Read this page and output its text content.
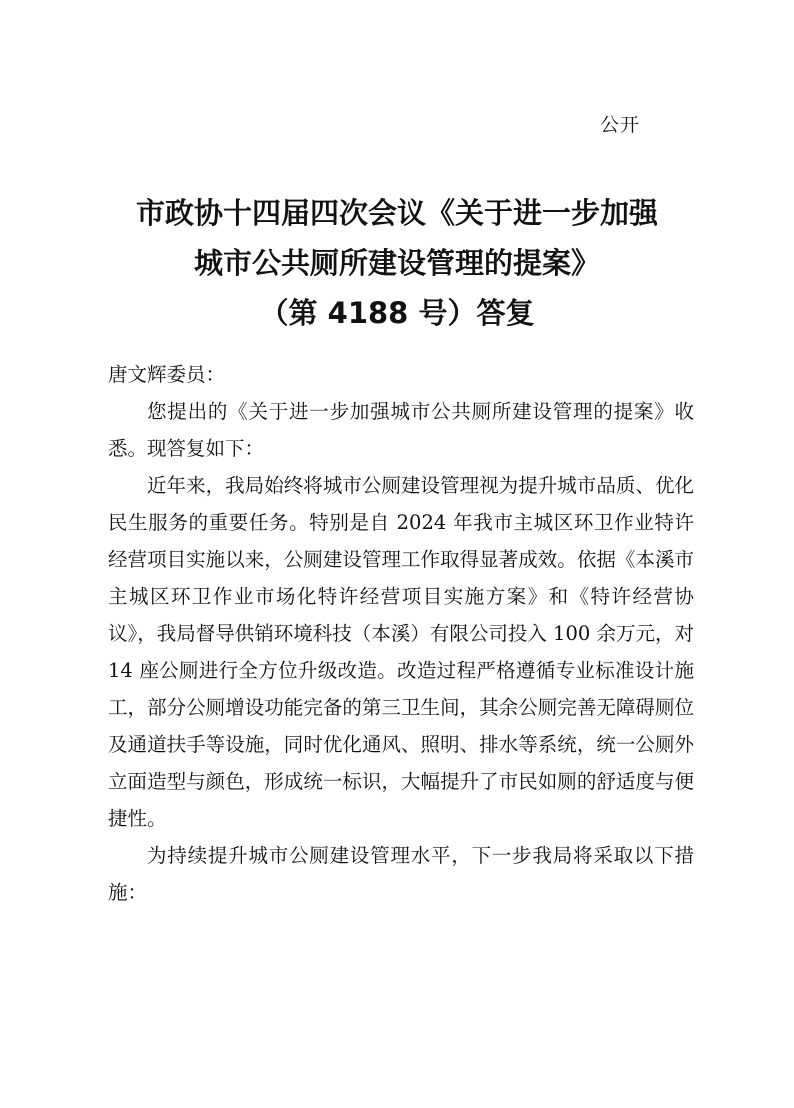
公开
市政协十四届四次会议《关于进一步加强
城市公共厕所建设管理的提案》
（第 4188 号）答复

唐文辉委员：

您提出的《关于进一步加强城市公共厕所建设管理的提案》收悉。现答复如下：

近年来，我局始终将城市公厕建设管理视为提升城市品质、优化民生服务的重要任务。特别是自 2024 年我市主城区环卫作业特许经营项目实施以来，公厕建设管理工作取得显著成效。依据《本溪市主城区环卫作业市场化特许经营项目实施方案》和《特许经营协议》，我局督导供销环境科技（本溪）有限公司投入 100 余万元，对 14 座公厕进行全方位升级改造。改造过程严格遵循专业标准设计施工，部分公厕增设功能完备的第三卫生间，其余公厕完善无障碍厕位及通道扶手等设施，同时优化通风、照明、排水等系统，统一公厕外立面造型与颜色，形成统一标识，大幅提升了市民如厕的舒适度与便捷性。

为持续提升城市公厕建设管理水平，下一步我局将采取以下措施：
